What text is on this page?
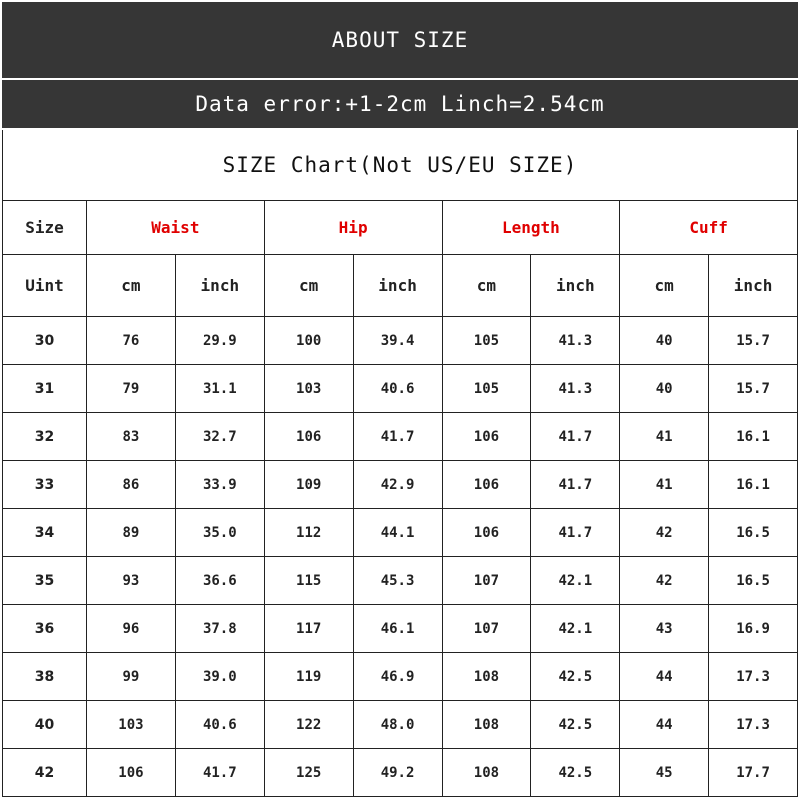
ABOUT SIZE
Data error:+1-2cm Linch=2.54cm
SIZE Chart(Not US/EU SIZE)
Size	Waist		Hip		Length		Cuff	
Uint	cm	inch	cm	inch	cm	inch	cm	inch
30	76	29.9	100	39.4	105	41.3	40	15.7
31	79	31.1	103	40.6	105	41.3	40	15.7
32	83	32.7	106	41.7	106	41.7	41	16.1
33	86	33.9	109	42.9	106	41.7	41	16.1
34	89	35.0	112	44.1	106	41.7	42	16.5
35	93	36.6	115	45.3	107	42.1	42	16.5
36	96	37.8	117	46.1	107	42.1	43	16.9
38	99	39.0	119	46.9	108	42.5	44	17.3
40	103	40.6	122	48.0	108	42.5	44	17.3
42	106	41.7	125	49.2	108	42.5	45	17.7
